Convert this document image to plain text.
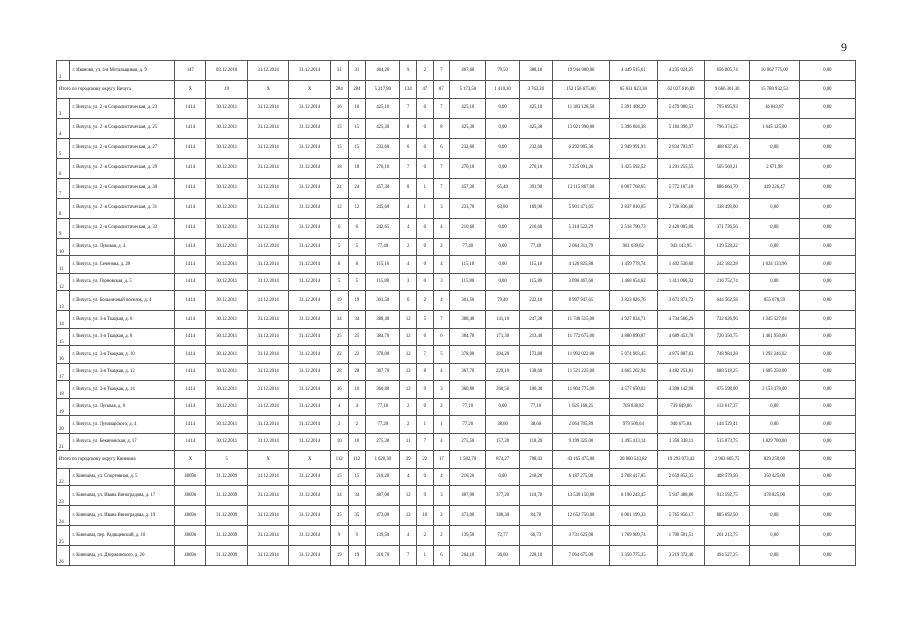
9
2	г. Иваново, ул. 4-я Мотальщиков, д. 9	147	03.12.2010	31.12.2014	31.12.2014	31	31	464,20	9	2	7	467,60	79,50	388,10	19 944 000,00	4 449 515,01	4 235 024,25	656 005,74	10 062 775,00	0,00
Итого по городскому округу Вичуга		X	19	X	X	284	284	5 217,80	134	47	87	5 173,50	1 410,30	3 763,20	152 156 675,00	65 631 823,38	62 037 616,89	9 666 301,30	15 780 932,53	0,00
3	г. Вичуга, ул. 2 -я Социалистическая, д. 23	1414	30.12.2011	31.12.2014	31.12.2014	16	16	425,10	7	0	7	425,10	0,00	425,10	11 383 128,50	5 391 408,29	5 479 980,51	795 695,93	16 043,87	0,00
4	г. Вичуга, ул. 2 -я Социалистическая, д. 25	1414	30.12.2011	31.12.2014	31.12.2014	15	15	425,30	8	0	8	425,30	0,00	425,30	13 021 990,00	5 396 004,38	5 184 396,37	796 374,25	1 645 125,00	0,00
5	г. Вичуга, ул. 2 -я Социалистическая, д. 27	1414	30.12.2011	31.12.2014	31.12.2014	15	15	232,60	6	0	6	232,60	0,00	232,60	6 292 905,36	2 949 991,93	2 834 703,97	408 637,46	0,00	0,00
6	г. Вичуга, ул. 2 -я Социалистическая, д. 29	1414	30.12.2011	31.12.2014	31.12.2014	18	18	270,10	7	0	7	270,10	0,00	270,10	7 225 091,26	3 425 592,52	3 291 255,55	505 569,21	2 671,98	0,00
7	г. Вичуга, ул. 2 -я Социалистическая, д. 30	1414	30.12.2011	31.12.2014	31.12.2014	24	24	457,30	8	1	7	457,30	65,40	391,90	13 115 867,00	6 007 768,65	5 772 187,18	886 664,70	449 226,47	0,00
8	г. Вичуга, ул. 2 -я Социалистическая, д. 31	1414	30.12.2011	31.12.2014	31.12.2014	12	12	245,60	4	1	3	233,70	63,80	169,90	5 901 471,65	2 837 810,05	2 726 836,60	338 499,00	0,00	0,00
9	г. Вичуга, ул. 2 -я Социалистическая, д. 33	1414	30.12.2011	31.12.2014	31.12.2014	6	6	242,65	4	0	4	210,60	0,00	210,60	5 310 522,29	2 518 790,73	2 420 005,00	371 736,56	0,00	0,00
10	г. Вичуга, ул. Луковая, д. 4	1414	30.12.2011	31.12.2014	31.12.2014	5	5	77,40	2	0	2	77,40	0,00	77,40	2 064 311,79	981 639,62	943 143,95	139 528,22	0,00	0,00
11	г. Вичуга, ул. Сеченова, д. 20	1414	30.12.2011	31.12.2014	31.12.2014	8	8	115,10	4	0	4	115,10	0,00	115,10	4 126 825,88	1 459 778,74	1 402 530,60	242 182,28	1 024 133,96	0,00
12	г. Вичуга, ул. Горновская, д. 5	1414	30.12.2011	31.12.2014	31.12.2014	5	5	115,80	3	0	3	115,80	0,00	115,80	3 096 467,68	1 468 654,62	1 411 060,32	216 752,74	0,00	0,00
13	г. Вичуга, ул. Больничный поселок, д. 4	1414	30.12.2011	31.12.2014	31.12.2014	19	19	301,50	6	2	4	301,50	79,40	222,10	8 997 947,65	3 823 826,76	3 673 873,72	644 562,58	855 678,59	0,00
14	г. Вичуга, ул. 3-я Ткацкая, д. 6	1414	30.12.2011	31.12.2014	31.12.2014	34	34	388,40	12	5	7	388,40	141,10	247,30	11 740 515,00	4 927 834,71	4 734 566,29	732 626,96	1 345 527,04	0,00
15	г. Вичуга, ул. 3-я Ткацкая, д. 8	1414	30.12.2011	31.12.2014	31.12.2014	25	25	384,70	12	6	6	384,70	171,30	213,40	11 772 675,00	4 880 890,87	4 689 453,78	720 350,75	1 481 950,00	0,00
16	г. Вичуга, ул. 3-я Ткацкая, д. 10	1414	30.12.2011	31.12.2014	31.12.2014	22	22	378,00	12	7	5	378,00	204,20	173,80	11 992 022,00	5 074 903,45	4 875 887,63	748 984,28	1 292 246,62	0,00
17	г. Вичуга, ул. 3-я Ткацкая, д. 12	1414	30.12.2011	31.12.2014	31.12.2014	28	28	367,70	12	8	4	367,70	229,10	138,60	11 521 225,00	4 665 202,94	4 482 253,81	688 518,25	1 685 250,00	0,00
18	г. Вичуга, ул. 3-я Ткацкая, д. 14	1414	30.12.2011	31.12.2014	31.12.2014	16	16	360,80	12	9	3	360,80	260,50	100,30	11 804 775,00	4 577 650,02	4 398 142,98	675 598,00	2 153 378,00	0,00
19	г. Вичуга, ул. Луговая, д. 6	1414	30.12.2011	31.12.2014	31.12.2014	4	4	77,10	2	0	2	77,10	0,00	77,10	1 625 168,25	769 838,82	739 649,06	113 617,37	0,00	0,00
20	г. Вичуга, ул. Луначарского, д. 4	1414	30.12.2011	31.12.2014	31.12.2014	2	2	77,20	2	1	1	77,20	38,60	38,60	2 064 705,89	979 500,64	940 675,84	144 529,41	0,00	0,00
21	г. Вичуга, ул. Бекиновская, д. 17	1414	30.12.2011	31.12.2014	31.12.2014	10	10	275,30	11	7	4	275,50	157,30	118,20	9 199 325,00	3 495 413,14	3 358 338,11	515 873,75	1 829 700,00	0,00
Итого по городскому округу Кинешма		X	5	X	X	112	112	1 620,30	39	22	17	1 582,70	874,27	708,43	43 165 475,00	20 060 543,82	19 293 073,43	2 963 605,75	829 250,00	0,00
22	г. Кинешма, ул. Спортивная, д. 5	4069п	31.12.2009	31.12.2014	31.12.2014	15	15	218,20	4	0	4	218,20	0,00	218,20	6 187 275,00	2 768 417,85	2 659 852,35	408 579,50	350 425,00	0,00
23	г. Кинешма, ул. Ивана Виноградова, д. 17	4069п	31.12.2009	31.12.2014	31.12.2014	34	34	487,00	12	9	3	487,00	377,20	110,70	13 530 150,00	6 190 243,45	5 947 488,80	913 592,75	478 825,00	0,00
24	г. Кинешма, ул. Ивана Виноградова, д. 19	4069п	31.12.2009	31.12.2014	31.12.2014	35	35	473,00	12	10	2	473,00	388,30	84,70	12 652 750,00	6 001 199,33	5 765 856,17	885 692,50	0,00	0,00
25	г. Кинешма, пер. Радищевский, д. 10	4069п	31.12.2009	31.12.2014	31.12.2014	9	9	139,50	4	2	2	139,50	72,77	66,73	3 731 625,00	1 769 909,74	1 700 501,51	261 213,75	0,00	0,00
26	г. Кинешма, ул. Дзержинского, д. 20	4069п	31.12.2009	31.12.2014	31.12.2014	19	19	310,70	7	1	6	264,10	36,00	228,10	7 064 675,00	3 350 775,35	3 219 372,40	494 527,25	0,00	0,00
